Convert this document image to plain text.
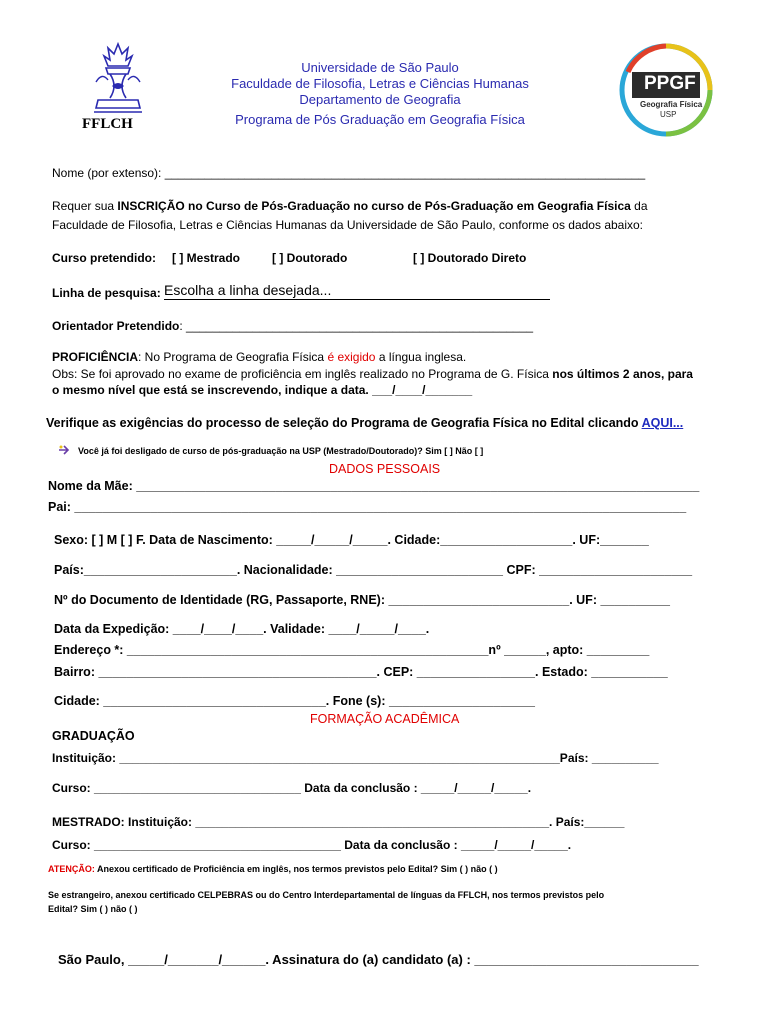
FFLCH
Universidade de São Paulo
Faculdade de Filosofia, Letras e Ciências Humanas
Departamento de Geografia
Programa de Pós Graduação em Geografia Física
PPGF
Geografia Física
USP
Nome (por extenso): ________________________________________________________________________
Requer sua INSCRIÇÃO no Curso de Pós-Graduação no curso de Pós-Graduação em Geografia Física da
Faculdade de Filosofia, Letras e Ciências Humanas da Universidade de São Paulo, conforme os dados abaixo:
Curso pretendido: [ ] Mestrado	[ ] Doutorado	[ ] Doutorado Direto
Linha de pesquisa: Escolha a linha desejada...
Orientador Pretendido: ____________________________________________________
PROFICIÊNCIA: No Programa de Geografia Física é exigido a língua inglesa.
Obs: Se foi aprovado no exame de proficiência em inglês realizado no Programa de G. Física nos últimos 2 anos, para
o mesmo nível que está se inscrevendo, indique a data. ___/____/_______
Verifique as exigências do processo de seleção do Programa de Geografia Física no Edital clicando AQUI...
Você já foi desligado de curso de pós-graduação na USP (Mestrado/Doutorado)? Sim [ ] Não [ ]
DADOS PESSOAIS
Nome da Mãe: _________________________________________________________________________________
Pai: ________________________________________________________________________________________
Sexo: [ ] M [ ] F. Data de Nascimento: _____/_____/_____. Cidade:___________________. UF:_______
País:______________________. Nacionalidade: ________________________ CPF: ______________________
Nº do Documento de Identidade (RG, Passaporte, RNE): __________________________. UF: __________
Data da Expedição: ____/____/____. Validade: ____/_____/____.
Endereço *: ____________________________________________________nº ______, apto: _________
Bairro: ________________________________________. CEP: _________________. Estado: ___________
Cidade: ________________________________. Fone (s): _____________________
FORMAÇÃO ACADÊMICA
GRADUAÇÃO
Instituição: __________________________________________________________________País: __________
Curso: _______________________________ Data da conclusão : _____/_____/_____.
MESTRADO: Instituição: _____________________________________________________. País:______
Curso: _____________________________________ Data da conclusão : _____/_____/_____.
ATENÇÃO: Anexou certificado de Proficiência em inglês, nos termos previstos pelo Edital? Sim ( ) não ( )
Se estrangeiro, anexou certificado CELPEBRAS ou do Centro Interdepartamental de línguas da FFLCH, nos termos previstos pelo
Edital? Sim ( ) não ( )
São Paulo, _____/_______/______. Assinatura do (a) candidato (a) : _______________________________
